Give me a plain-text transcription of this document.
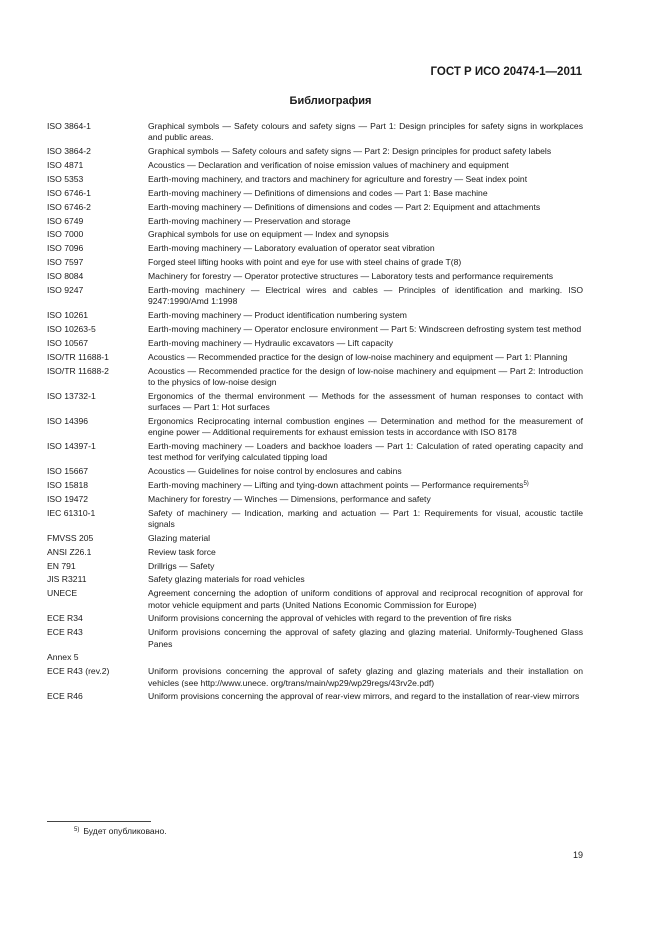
ГОСТ Р ИСО 20474-1—2011
Библиография
ISO 3864-1	Graphical symbols — Safety colours and safety signs — Part 1: Design principles for safety signs in workplaces and public areas.
ISO 3864-2	Graphical symbols — Safety colours and safety signs — Part 2: Design principles for product safety labels
ISO 4871	Acoustics — Declaration and verification of noise emission values of machinery and equipment
ISO 5353	Earth-moving machinery, and tractors and machinery for agriculture and forestry — Seat index point
ISO 6746-1	Earth-moving machinery — Definitions of dimensions and codes — Part 1: Base machine
ISO 6746-2	Earth-moving machinery — Definitions of dimensions and codes — Part 2: Equipment and attachments
ISO 6749	Earth-moving machinery — Preservation and storage
ISO 7000	Graphical symbols for use on equipment — Index and synopsis
ISO 7096	Earth-moving machinery — Laboratory evaluation of operator seat vibration
ISO 7597	Forged steel lifting hooks with point and eye for use with steel chains of grade T(8)
ISO 8084	Machinery for forestry — Operator protective structures — Laboratory tests and performance requirements
ISO 9247	Earth-moving machinery — Electrical wires and cables — Principles of identification and marking. ISO 9247:1990/Amd 1:1998
ISO 10261	Earth-moving machinery — Product identification numbering system
ISO 10263-5	Earth-moving machinery — Operator enclosure environment — Part 5: Windscreen defrosting system test method
ISO 10567	Earth-moving machinery — Hydraulic excavators — Lift capacity
ISO/TR 11688-1	Acoustics — Recommended practice for the design of low-noise machinery and equipment — Part 1: Planning
ISO/TR 11688-2	Acoustics — Recommended practice for the design of low-noise machinery and equipment — Part 2: Introduction to the physics of low-noise design
ISO 13732-1	Ergonomics of the thermal environment — Methods for the assessment of human responses to contact with surfaces — Part 1: Hot surfaces
ISO 14396	Ergonomics Reciprocating internal combustion engines — Determination and method for the measurement of engine power — Additional requirements for exhaust emission tests in accordance with ISO 8178
ISO 14397-1	Earth-moving machinery — Loaders and backhoe loaders — Part 1: Calculation of rated operating capacity and test method for verifying calculated tipping load
ISO 15667	Acoustics — Guidelines for noise control by enclosures and cabins
ISO 15818	Earth-moving machinery — Lifting and tying-down attachment points — Performance requirements$^{5)}$
ISO 19472	Machinery for forestry — Winches — Dimensions, performance and safety
IEC 61310-1	Safety of machinery — Indication, marking and actuation — Part 1: Requirements for visual, acoustic tactile signals
FMVSS 205	Glazing material
ANSI Z26.1	Review task force
EN 791	Drillrigs — Safety
JIS R3211	Safety glazing materials for road vehicles
UNECE	Agreement concerning the adoption of uniform conditions of approval and reciprocal recognition of approval for motor vehicle equipment and parts (United Nations Economic Commission for Europe)
ECE R34	Uniform provisions concerning the approval of vehicles with regard to the prevention of fire risks
ECE R43	Uniform provisions concerning the approval of safety glazing and glazing material. Uniformly-Toughened Glass Panes
Annex 5
ECE R43 (rev.2)	Uniform provisions concerning the approval of safety glazing and glazing materials and their installation on vehicles (see http://www.unece. org/trans/main/wp29/wp29regs/43rv2e.pdf)
ECE R46	Uniform provisions concerning the approval of rear-view mirrors, and regard to the installation of rear-view mirrors
$^{5)}$ Будет опубликовано.
19
